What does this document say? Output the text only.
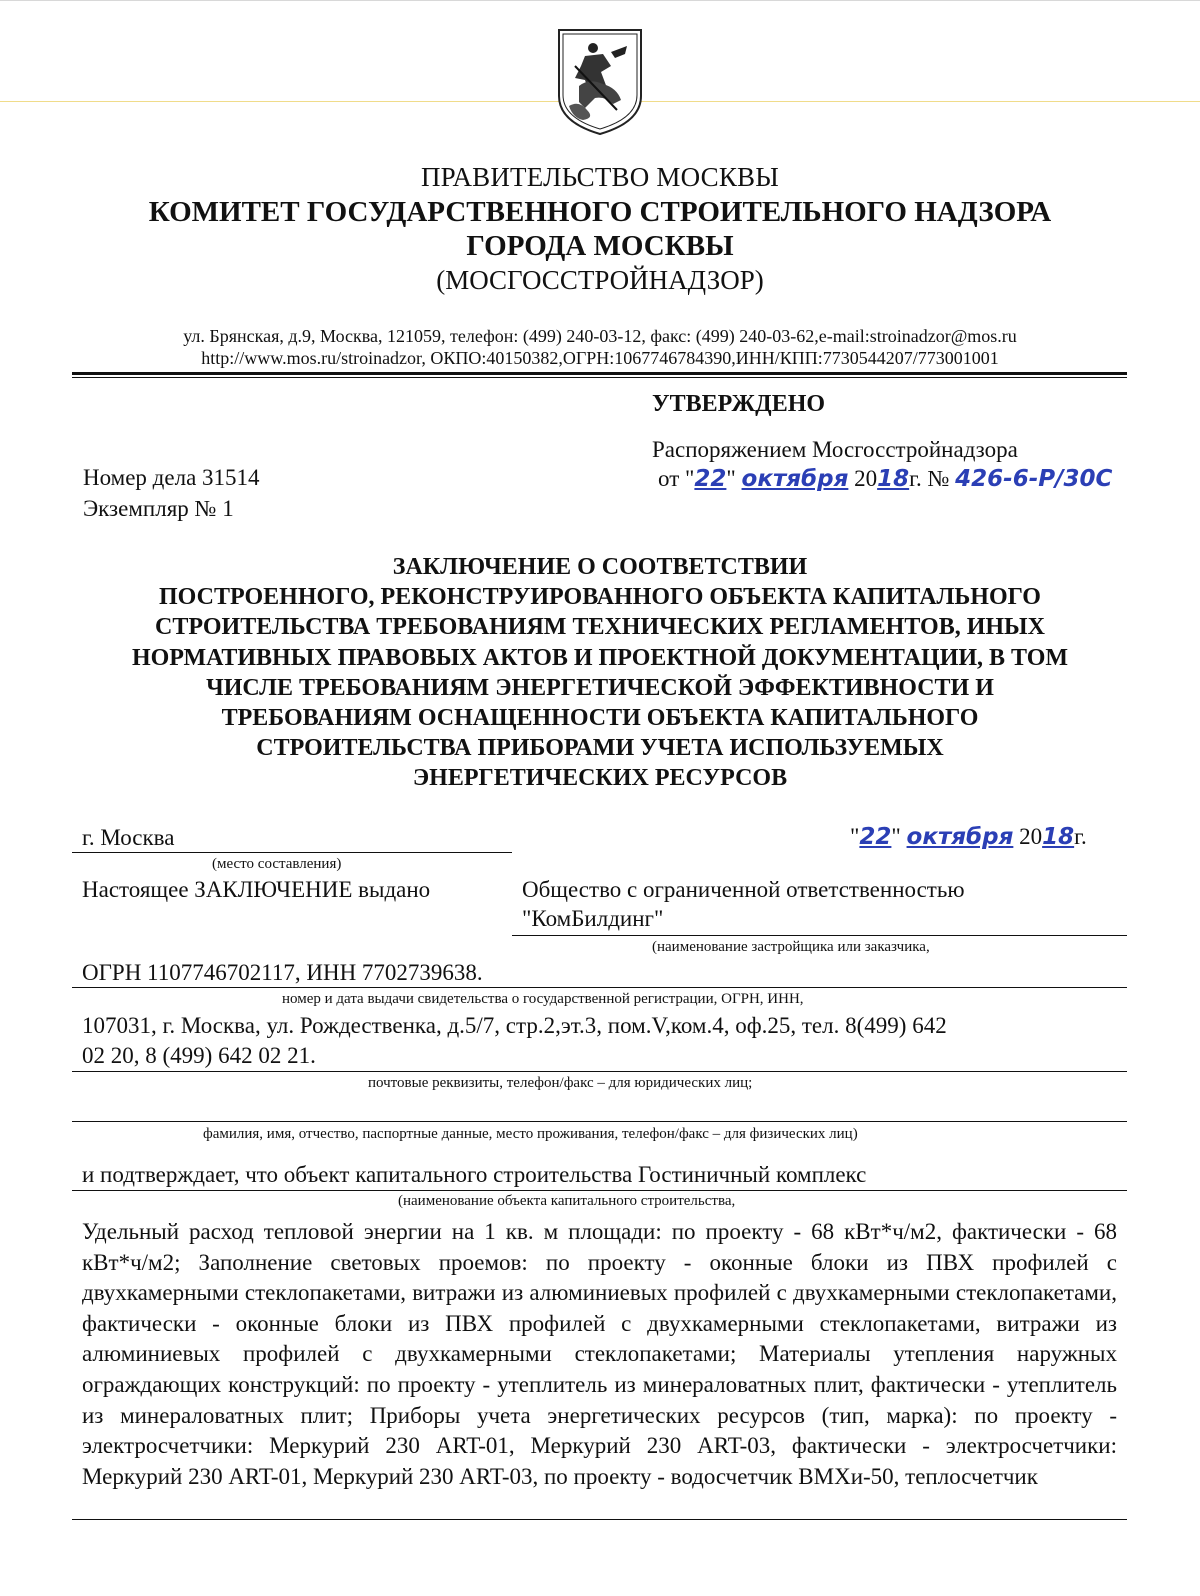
ПРАВИТЕЛЬСТВО МОСКВЫ
КОМИТЕТ ГОСУДАРСТВЕННОГО СТРОИТЕЛЬНОГО НАДЗОРА
ГОРОДА МОСКВЫ
(МОСГОССТРОЙНАДЗОР)
ул. Брянская, д.9, Москва, 121059, телефон: (499) 240-03-12, факс: (499) 240-03-62,e-mail:stroinadzor@mos.ru
http://www.mos.ru/stroinadzor, ОКПО:40150382,ОГРН:1067746784390,ИНН/КПП:7730544207/773001001
УТВЕРЖДЕНО
Распоряжением Мосгосстройнадзора
от "22" октября 2018г. № 426-6-Р/30С
Номер дела 31514
Экземпляр № 1
ЗАКЛЮЧЕНИЕ О СООТВЕТСТВИИ
ПОСТРОЕННОГО, РЕКОНСТРУИРОВАННОГО ОБЪЕКТА КАПИТАЛЬНОГО
СТРОИТЕЛЬСТВА ТРЕБОВАНИЯМ ТЕХНИЧЕСКИХ РЕГЛАМЕНТОВ, ИНЫХ
НОРМАТИВНЫХ ПРАВОВЫХ АКТОВ И ПРОЕКТНОЙ ДОКУМЕНТАЦИИ, В ТОМ
ЧИСЛЕ ТРЕБОВАНИЯМ ЭНЕРГЕТИЧЕСКОЙ ЭФФЕКТИВНОСТИ И
ТРЕБОВАНИЯМ ОСНАЩЕННОСТИ ОБЪЕКТА КАПИТАЛЬНОГО
СТРОИТЕЛЬСТВА ПРИБОРАМИ УЧЕТА ИСПОЛЬЗУЕМЫХ
ЭНЕРГЕТИЧЕСКИХ РЕСУРСОВ
г. Москва
(место составления)
"22" октября 2018г.
Настоящее ЗАКЛЮЧЕНИЕ выдано	Общество с ограниченной ответственностью
"КомБилдинг"
(наименование застройщика или заказчика,
ОГРН 1107746702117, ИНН 7702739638.
номер и дата выдачи свидетельства о государственной регистрации, ОГРН, ИНН,
107031, г. Москва, ул. Рождественка, д.5/7, стр.2,эт.3, пом.V,ком.4, оф.25, тел. 8(499) 642
02 20, 8 (499) 642 02 21.
почтовые реквизиты, телефон/факс – для юридических лиц;
фамилия, имя, отчество, паспортные данные, место проживания, телефон/факс – для физических лиц)
и подтверждает, что объект капитального строительства Гостиничный комплекс
(наименование объекта капитального строительства,
Удельный расход тепловой энергии на 1 кв. м площади: по проекту - 68 кВт*ч/м2, фактически - 68 кВт*ч/м2; Заполнение световых проемов: по проекту - оконные блоки из ПВХ профилей с двухкамерными стеклопакетами, витражи из алюминиевых профилей с двухкамерными стеклопакетами, фактически - оконные блоки из ПВХ профилей с двухкамерными стеклопакетами, витражи из алюминиевых профилей с двухкамерными стеклопакетами; Материалы утепления наружных ограждающих конструкций: по проекту - утеплитель из минераловатных плит, фактически - утеплитель из минераловатных плит; Приборы учета энергетических ресурсов (тип, марка): по проекту - электросчетчики: Меркурий 230 ART-01, Меркурий 230 ART-03, фактически - электросчетчики: Меркурий 230 ART-01, Меркурий 230 ART-03, по проекту - водосчетчик ВМХи-50, теплосчетчик
